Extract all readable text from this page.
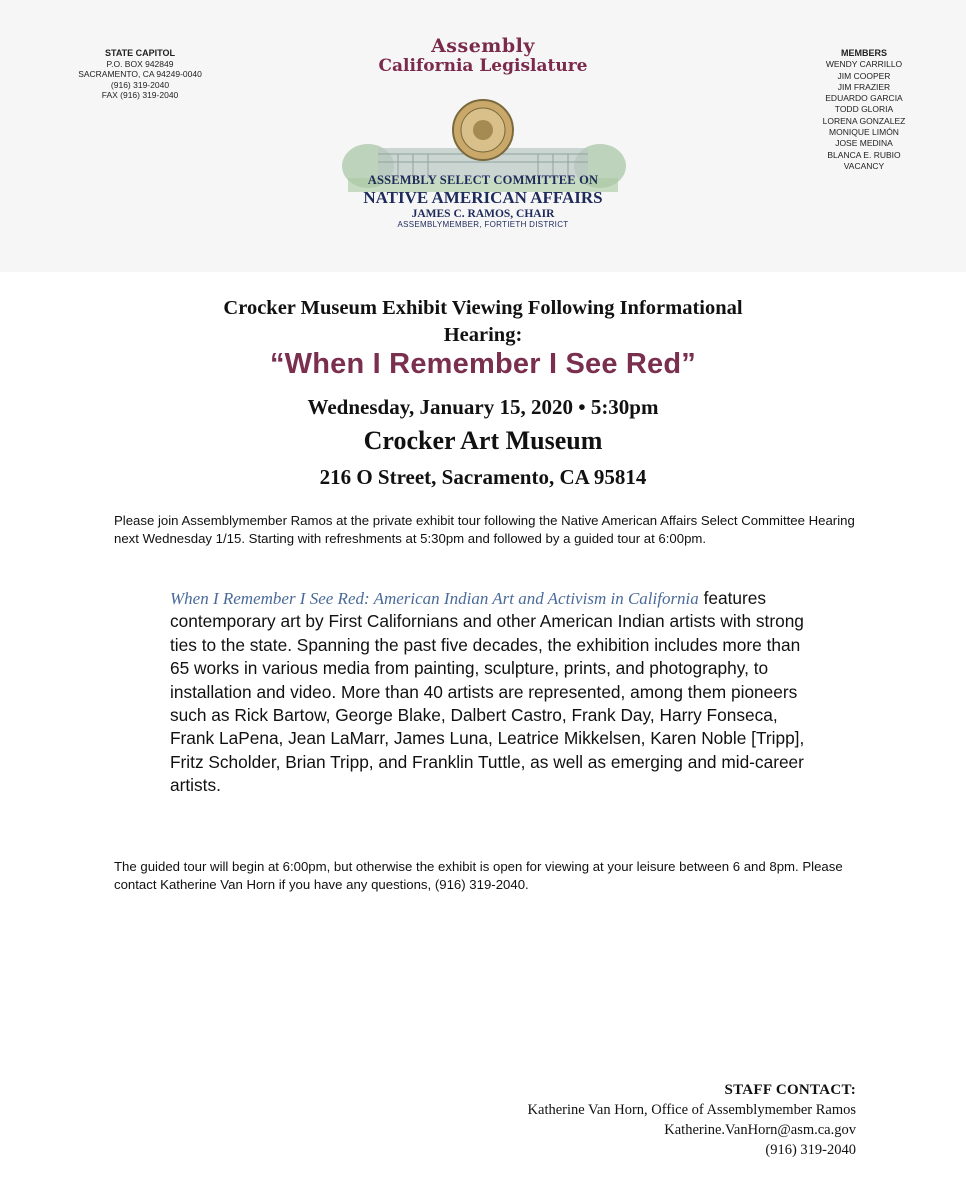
STATE CAPITOL
P.O. BOX 942849
SACRAMENTO, CA 94249-0040
(916) 319-2040
FAX (916) 319-2040
Assembly
California Legislature
ASSEMBLY SELECT COMMITTEE ON
NATIVE AMERICAN AFFAIRS
JAMES C. RAMOS, CHAIR
ASSEMBLYMEMBER, FORTIETH DISTRICT
MEMBERS
WENDY CARRILLO
JIM COOPER
JIM FRAZIER
EDUARDO GARCIA
TODD GLORIA
LORENA GONZALEZ
MONIQUE LIMÓN
JOSE MEDINA
BLANCA E. RUBIO
VACANCY
Crocker Museum Exhibit Viewing Following Informational
Hearing:
“When I Remember I See Red”
Wednesday, January 15, 2020 • 5:30pm
Crocker Art Museum
216 O Street, Sacramento, CA 95814
Please join Assemblymember Ramos at the private exhibit tour following the Native American Affairs Select Committee Hearing next Wednesday 1/15. Starting with refreshments at 5:30pm and followed by a guided tour at 6:00pm.
When I Remember I See Red: American Indian Art and Activism in California features contemporary art by First Californians and other American Indian artists with strong ties to the state. Spanning the past five decades, the exhibition includes more than 65 works in various media from painting, sculpture, prints, and photography, to installation and video. More than 40 artists are represented, among them pioneers such as Rick Bartow, George Blake, Dalbert Castro, Frank Day, Harry Fonseca, Frank LaPena, Jean LaMarr, James Luna, Leatrice Mikkelsen, Karen Noble [Tripp], Fritz Scholder, Brian Tripp, and Franklin Tuttle, as well as emerging and mid-career artists.
The guided tour will begin at 6:00pm, but otherwise the exhibit is open for viewing at your leisure between 6 and 8pm. Please contact Katherine Van Horn if you have any questions, (916) 319-2040.
STAFF CONTACT:
Katherine Van Horn, Office of Assemblymember Ramos
Katherine.VanHorn@asm.ca.gov
(916) 319-2040
